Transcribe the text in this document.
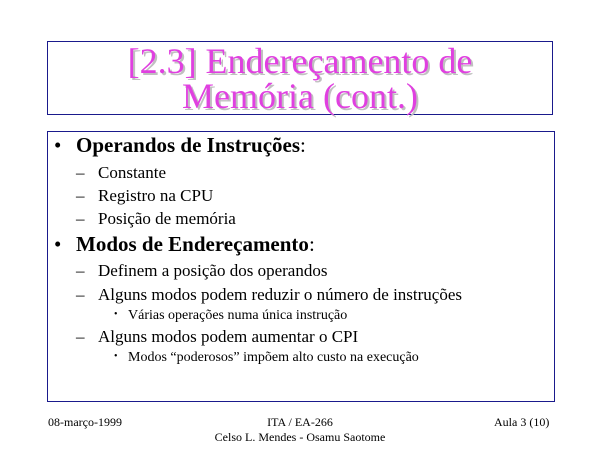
[2.3] Endereçamento de
Memória (cont.)
• Operandos de Instruções:
– Constante
– Registro na CPU
– Posição de memória
• Modos de Endereçamento:
– Definem a posição dos operandos
– Alguns modos podem reduzir o número de instruções
• Várias operações numa única instrução
– Alguns modos podem aumentar o CPI
• Modos “poderosos” impõem alto custo na execução
08-março-1999	ITA / EA-266
Celso L. Mendes - Osamu Saotome
Aula 3 (10)
